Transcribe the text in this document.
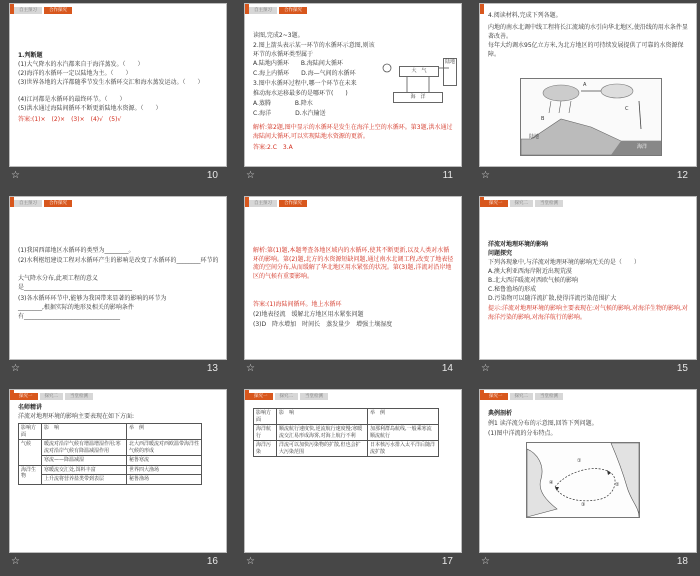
自主预习	合作探究
1.判断题
(1)大气降水的水汽都来自于海洋蒸发。（　　）
(2)海洋的水循环一定以陆地为主。（　　）
(3)世界各地的大洋都随季节发生水循环交汇和海水蒸发运动。（　　）
(4)江河都是水循环的最终环节。（　　）
(5)洪水通过海陆间循环不断更新陆地水资源。（　　）
答案:(1)×　(2)×　(3)×　(4)√　(5)√
☆	10
自主预习	合作探究
读图,完成2~3题。
2.图上箭头表示某一环节的水循环示意图,则该环节的水循环类型属于
A.陆地内循环　　B.海陆间大循环
C.海上内循环　　D.海—气间的水循环
3.图中水循环过程中,哪一个环节在未来
推动海水运移最多的是哪环节(　　)
A.蒸腾　　　　B.降水
C.海洋　　　　D.水汽输送
解析:第2题,图中显示的水循环是发生在海洋上空的水循环。第3题,洪水通过海陆间大循环,可以实现陆地水资源的更新。
答案:2.C　3.A
大　气
海　洋
陆地
☆	11
4.阅读材料,完成下列各题。
内地的南水北调中线工程将长江流域的水引向华北地区,使沿线的用水条件显著改善。
每年大约调水95亿立方米,为北方地区的可持续发展提供了可靠的水资源保障。
A
B
C
陆地
海洋
☆	12
自主预习	合作探究
(1)我国西部地区水循环的类型为________。
(2)水利枢纽建设工程对水循环产生的影响是改变了水循环的________环节的
大气降水分布,此项工程的意义
是____________________________________
(3)各水循环环节中,能够为我国带来显著的影响的环节为
________,根据实际的地形及相关的影响条件
有________________________________
☆	13
自主预习	合作探究
解析:第(1)题,本题考查各地区域内的水循环,使其不断更新,以及人类对水循环的影响。第(2)题,北方的水资源短缺问题,通过南水北调工程,改变了地表径流的空间分布,从而缓解了华北地区用水紧张的状况。第(3)题,洋流对沿岸地区的气候有重要影响。
答案:(1)海陆间循环。地上水循环
(2)地表径流　缓解北方地区用水紧张问题
(3)D　降水增加　时间长　蒸发量少　增强土壤湿度
☆	14
探究一	探究二	当堂检测
洋流对地理环境的影响
问题探究
下列各现象中,与洋流对地理环境的影响无关的是（　　）
A.澳大利亚西海岸附近出现荒漠
B.北大西洋暖流对西欧气候的影响
C.秘鲁渔场的形成
D.污染物可以随洋流扩散,使得洋流污染范围扩大
提示:洋流对地理环境的影响主要表现在:对气候的影响,对海洋生物的影响,对海洋污染的影响,对海洋航行的影响。
☆	15
探究一	探究二	当堂检测
名师精讲
洋流对地理环境的影响主要表现在如下方面:
影响方面	影　响	举　例
气候	暖流对沿岸气候有增温增湿作用;寒流对沿岸气候有降温减湿作用	北大西洋暖流对西欧温带海洋性气候的形成
	寒流——降温减湿	秘鲁寒流
海洋生物	寒暖流交汇处,饵料丰富	世界四大渔场
	上升流将营养盐类带到表层	秘鲁渔场
☆	16
探究一	探究二	当堂检测
影响方面	影　响	举　例
海洋航行	顺流航行速度快,逆流航行速度慢;寒暖流交汇易形成海雾,对海上航行不利	加那利群岛航线,一般乘寒流顺流航行
海洋污染	洋流可以加快污染物的扩散,但也会扩大污染范围	日本核污水排入太平洋后随洋流扩散
☆	17
探究一	探究二	当堂检测
典例剖析
例1 读洋流分布的示意图,回答下列问题。
(1)图中洋流的分布特点。
①
②
③
④
☆	18
